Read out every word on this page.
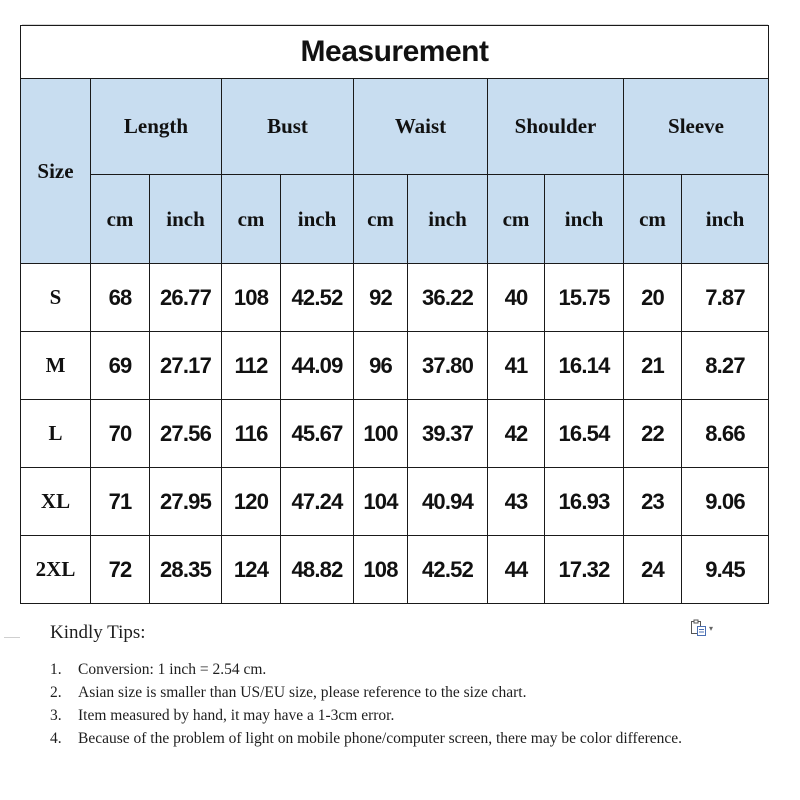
Measurement										
Size	Length		Bust		Waist		Shoulder		Sleeve	
	cm	inch	cm	inch	cm	inch	cm	inch	cm	inch
S	68	26.77	108	42.52	92	36.22	40	15.75	20	7.87
M	69	27.17	112	44.09	96	37.80	41	16.14	21	8.27
L	70	27.56	116	45.67	100	39.37	42	16.54	22	8.66
XL	71	27.95	120	47.24	104	40.94	43	16.93	23	9.06
2XL	72	28.35	124	48.82	108	42.52	44	17.32	24	9.45
▾
Kindly Tips:
1.	Conversion: 1 inch = 2.54 cm.
2.	Asian size is smaller than US/EU size, please reference to the size chart.
3.	Item measured by hand, it may have a 1-3cm error.
4.	Because of the problem of light on mobile phone/computer screen, there may be color difference.
